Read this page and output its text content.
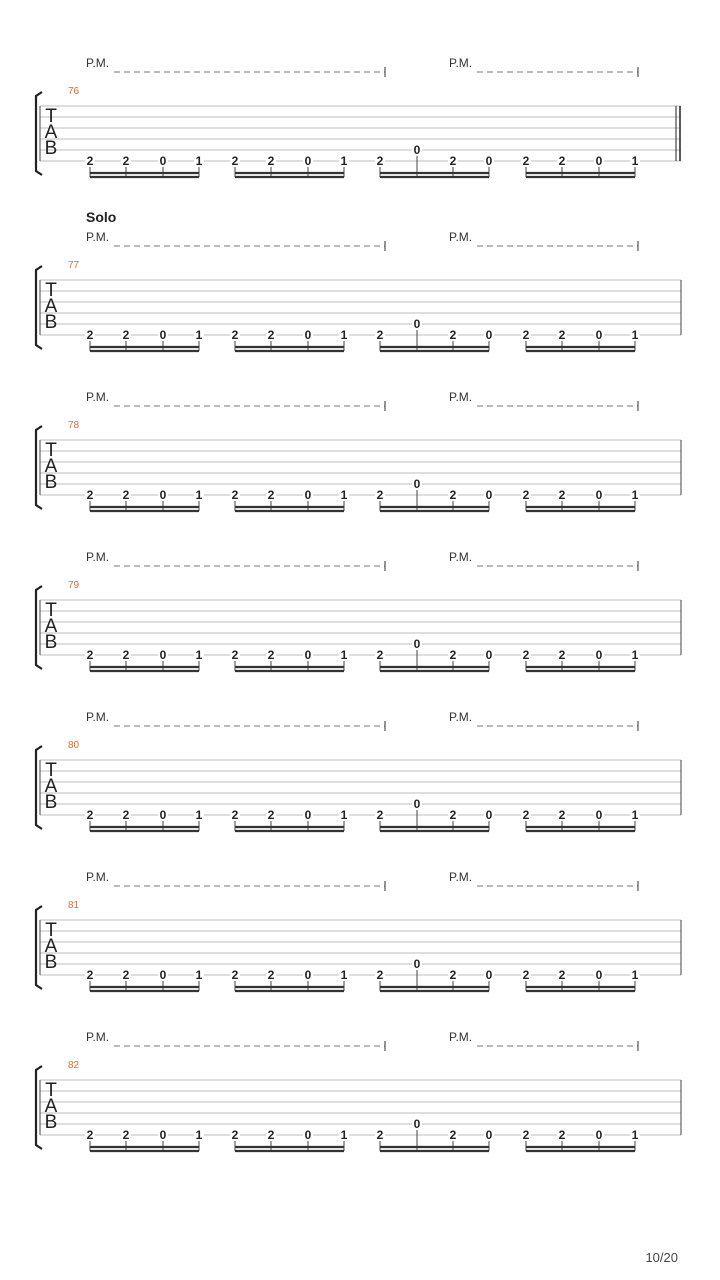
P.M.	P.M.
76
T
A
B
2 2	0 1 2 2	0 1 2
0
2 0	2 2	0 1
Solo
P.M.	P.M.
77
T
A
B
2 2	0 1 2 2	0 1 2
0
2 0	2 2	0 1
P.M.	P.M.
78
T
A
B
2 2	0 1 2 2	0 1 2
0
2 0	2 2	0 1
P.M.	P.M.
79
T
A
B
2 2	0 1 2 2	0 1 2
0
2 0	2 2	0 1
P.M.	P.M.
80
T
A
B
2 2	0 1 2 2	0 1 2
0
2 0	2 2	0 1
P.M.	P.M.
81
T
A
B
2 2	0 1 2 2	0 1 2
0
2 0	2 2	0 1
P.M.	P.M.
82
T
A
B
2 2	0 1 2 2	0 1 2
0
2 0	2 2	0 1
10/20
